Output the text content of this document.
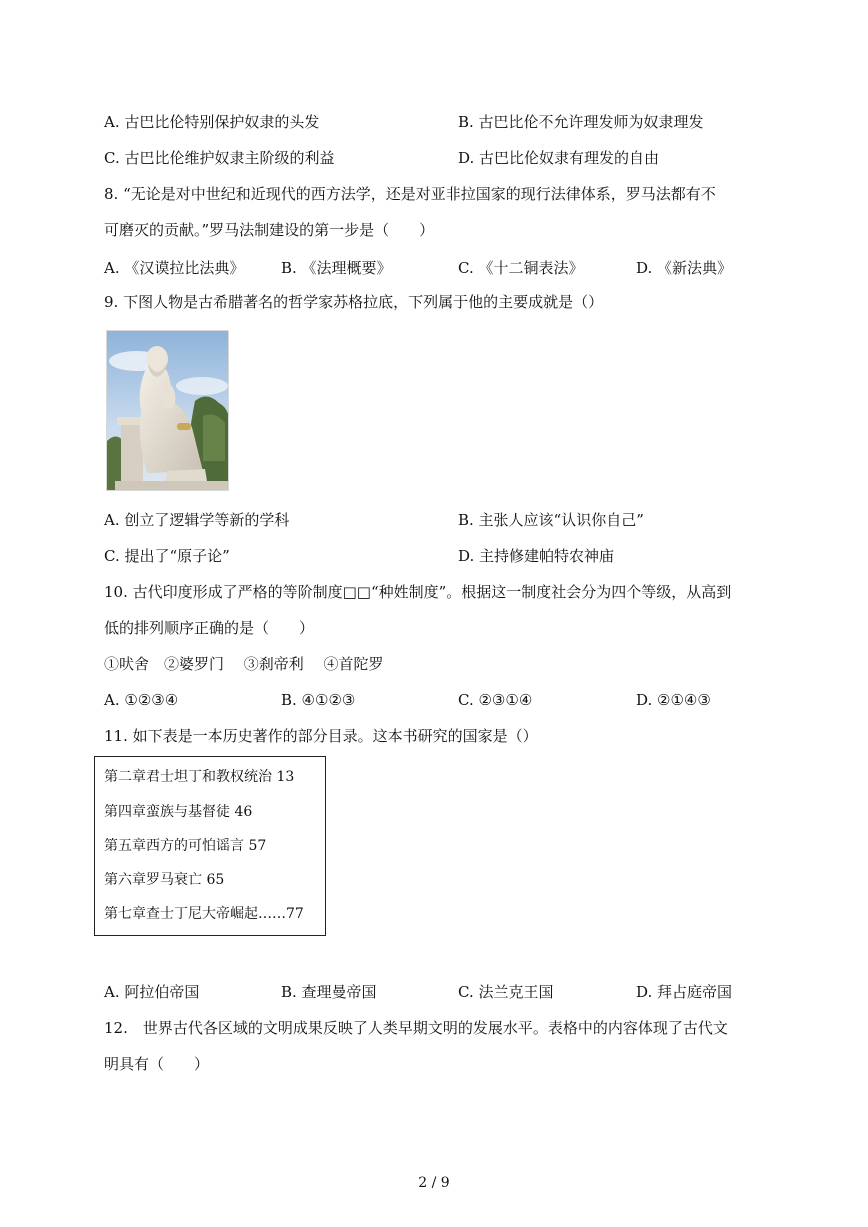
A. 古巴比伦特别保护奴隶的头发	B. 古巴比伦不允许理发师为奴隶理发
C. 古巴比伦维护奴隶主阶级的利益	D. 古巴比伦奴隶有理发的自由
8. “无论是对中世纪和近现代的西方法学，还是对亚非拉国家的现行法律体系，罗马法都有不
可磨灭的贡献。”罗马法制建设的第一步是（　　）
A. 《汉谟拉比法典》 B. 《法理概要》	C. 《十二铜表法》	D. 《新法典》
9. 下图人物是古希腊著名的哲学家苏格拉底，下列属于他的主要成就是（）
A. 创立了逻辑学等新的学科	B. 主张人应该“认识你自己”
C. 提出了“原子论”	D. 主持修建帕特农神庙
10. 古代印度形成了严格的等阶制度□□“种姓制度”。根据这一制度社会分为四个等级，从高到
低的排列顺序正确的是（　　）
①吠舍　②婆罗门　 ③刹帝利　 ④首陀罗
A. ①②③④	B. ④①②③	C. ②③①④	D. ②①④③
11. 如下表是一本历史著作的部分目录。这本书研究的国家是（）
第二章君士坦丁和教权统治 13
第四章蛮族与基督徒 46
第五章西方的可怕谣言 57
第六章罗马衰亡 65
第七章查士丁尼大帝崛起……77
A. 阿拉伯帝国	B. 查理曼帝国	C. 法兰克王国	D. 拜占庭帝国
12.　世界古代各区域的文明成果反映了人类早期文明的发展水平。表格中的内容体现了古代文
明具有（　　）
2 / 9
